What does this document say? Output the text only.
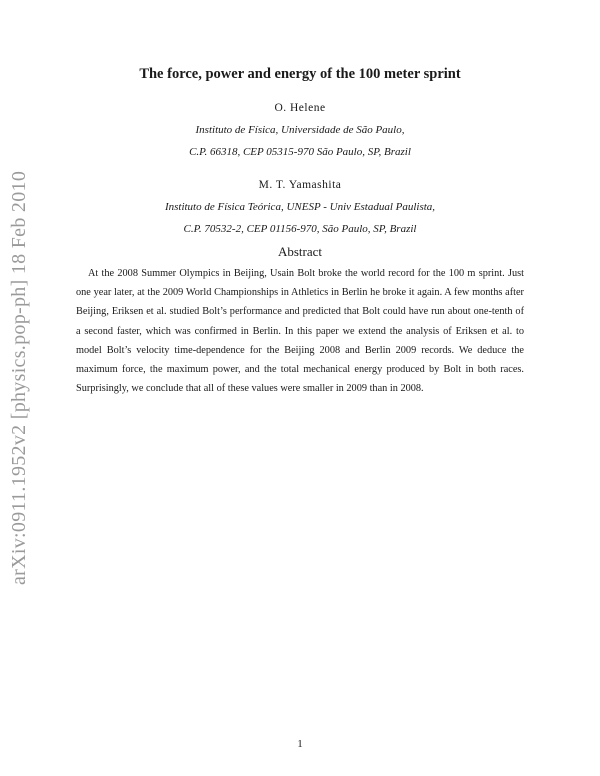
arXiv:0911.1952v2 [physics.pop-ph] 18 Feb 2010
The force, power and energy of the 100 meter sprint
O. Helene
Instituto de Física, Universidade de São Paulo,
C.P. 66318, CEP 05315-970 São Paulo, SP, Brazil
M. T. Yamashita
Instituto de Física Teórica, UNESP - Univ Estadual Paulista,
C.P. 70532-2, CEP 01156-970, São Paulo, SP, Brazil
Abstract

At the 2008 Summer Olympics in Beijing, Usain Bolt broke the world record for the 100 m sprint. Just one year later, at the 2009 World Championships in Athletics in Berlin he broke it again. A few months after Beijing, Eriksen et al. studied Bolt’s performance and predicted that Bolt could have run about one-tenth of a second faster, which was confirmed in Berlin. In this paper we extend the analysis of Eriksen et al. to model Bolt’s velocity time-dependence for the Beijing 2008 and Berlin 2009 records. We deduce the maximum force, the maximum power, and the total mechanical energy produced by Bolt in both races. Surprisingly, we conclude that all of these values were smaller in 2009 than in 2008.

1
